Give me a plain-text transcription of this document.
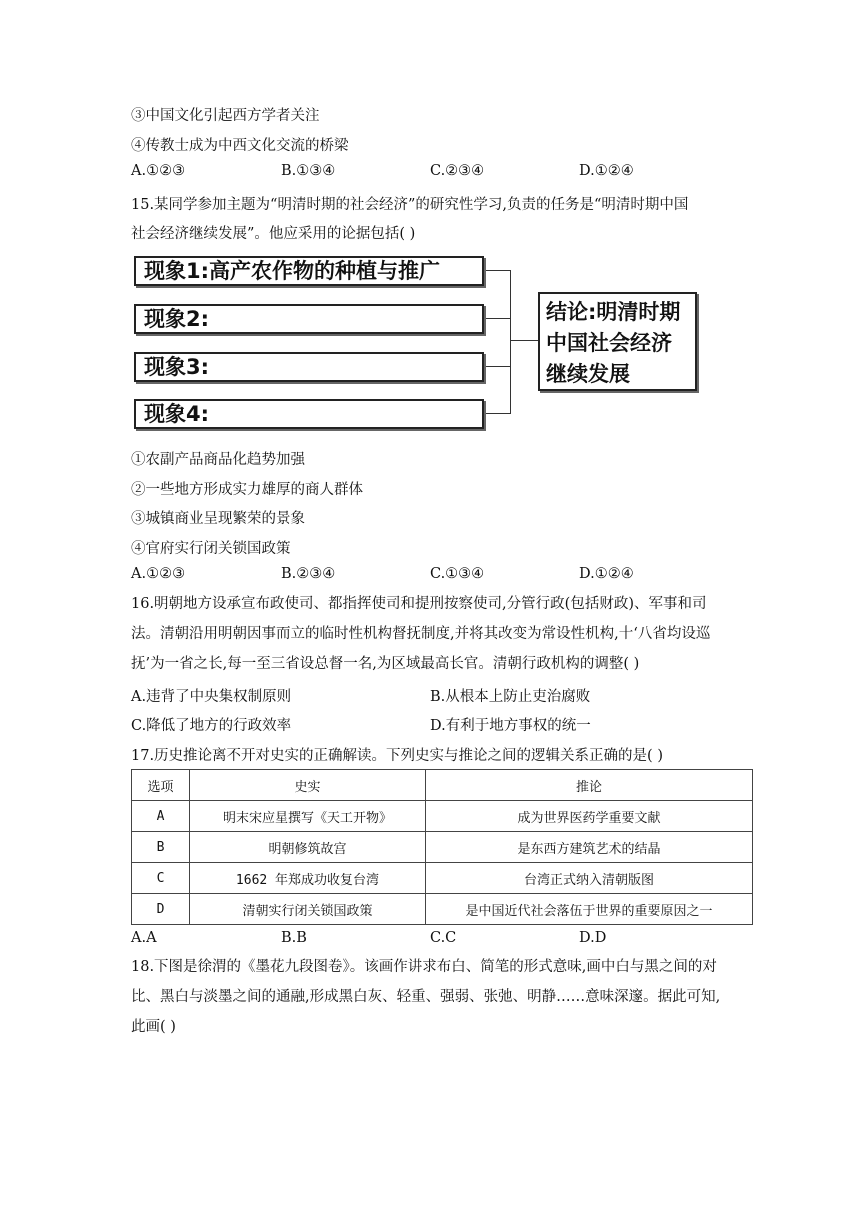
③中国文化引起西方学者关注
④传教士成为中西文化交流的桥梁
A.①②③	B.①③④	C.②③④	D.①②④
15.某同学参加主题为“明清时期的社会经济”的研究性学习,负责的任务是“明清时期中国
社会经济继续发展”。他应采用的论据包括( )
现象1:高产农作物的种植与推广
现象2:
现象3:
现象4:
结论:明清时期
中国社会经济
继续发展
①农副产品商品化趋势加强
②一些地方形成实力雄厚的商人群体
③城镇商业呈现繁荣的景象
④官府实行闭关锁国政策
A.①②③	B.②③④	C.①③④	D.①②④
16.明朝地方设承宣布政使司、都指挥使司和提刑按察使司,分管行政(包括财政)、军事和司法。清朝沿用明朝因事而立的临时性机构督抚制度,并将其改变为常设性机构,十‘八省均设巡抚’为一省之长,每一至三省设总督一名,为区域最高长官。清朝行政机构的调整( )
A.违背了中央集权制原则	B.从根本上防止吏治腐败
C.降低了地方的行政效率	D.有利于地方事权的统一
17.历史推论离不开对史实的正确解读。下列史实与推论之间的逻辑关系正确的是( )
选项	史实	推论
A	明末宋应星撰写《天工开物》	成为世界医药学重要文献
B	明朝修筑故宫	是东西方建筑艺术的结晶
C	1662 年郑成功收复台湾	台湾正式纳入清朝版图
D	清朝实行闭关锁国政策	是中国近代社会落伍于世界的重要原因之一
A.A	B.B	C.C	D.D
18.下图是徐渭的《墨花九段图卷》。该画作讲求布白、简笔的形式意味,画中白与黑之间的对比、黑白与淡墨之间的通融,形成黑白灰、轻重、强弱、张弛、明静……意味深邃。据此可知,此画( )
